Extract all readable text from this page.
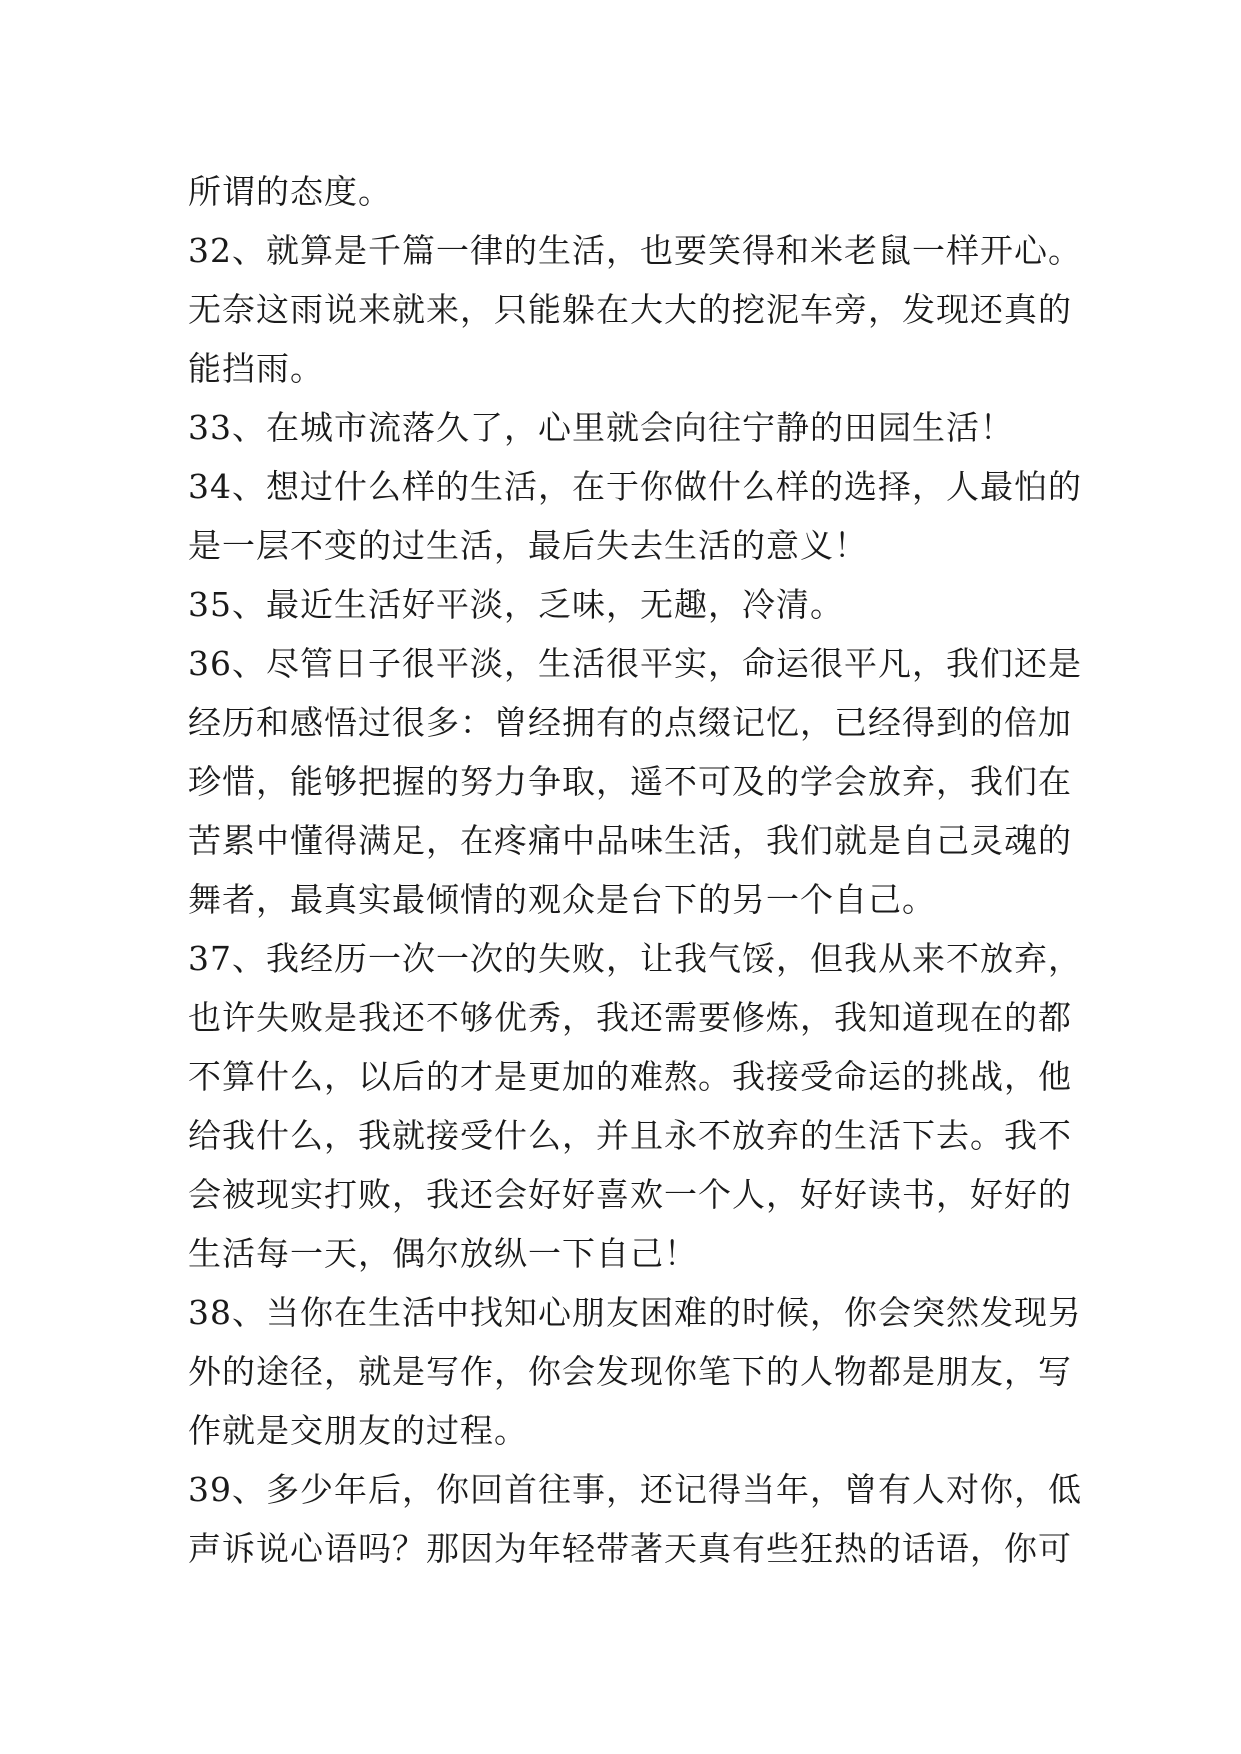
所谓的态度。
32、就算是千篇一律的生活，也要笑得和米老鼠一样开心。
无奈这雨说来就来，只能躲在大大的挖泥车旁，发现还真的
能挡雨。
33、在城市流落久了，心里就会向往宁静的田园生活！
34、想过什么样的生活，在于你做什么样的选择，人最怕的
是一层不变的过生活，最后失去生活的意义！
35、最近生活好平淡，乏味，无趣，冷清。
36、尽管日子很平淡，生活很平实，命运很平凡，我们还是
经历和感悟过很多：曾经拥有的点缀记忆，已经得到的倍加
珍惜，能够把握的努力争取，遥不可及的学会放弃，我们在
苦累中懂得满足，在疼痛中品味生活，我们就是自己灵魂的
舞者，最真实最倾情的观众是台下的另一个自己。
37、我经历一次一次的失败，让我气馁，但我从来不放弃，
也许失败是我还不够优秀，我还需要修炼，我知道现在的都
不算什么，以后的才是更加的难熬。我接受命运的挑战，他
给我什么，我就接受什么，并且永不放弃的生活下去。我不
会被现实打败，我还会好好喜欢一个人，好好读书，好好的
生活每一天，偶尔放纵一下自己！
38、当你在生活中找知心朋友困难的时候，你会突然发现另
外的途径，就是写作，你会发现你笔下的人物都是朋友，写
作就是交朋友的过程。
39、多少年后，你回首往事，还记得当年，曾有人对你，低
声诉说心语吗？那因为年轻带著天真有些狂热的话语，你可
